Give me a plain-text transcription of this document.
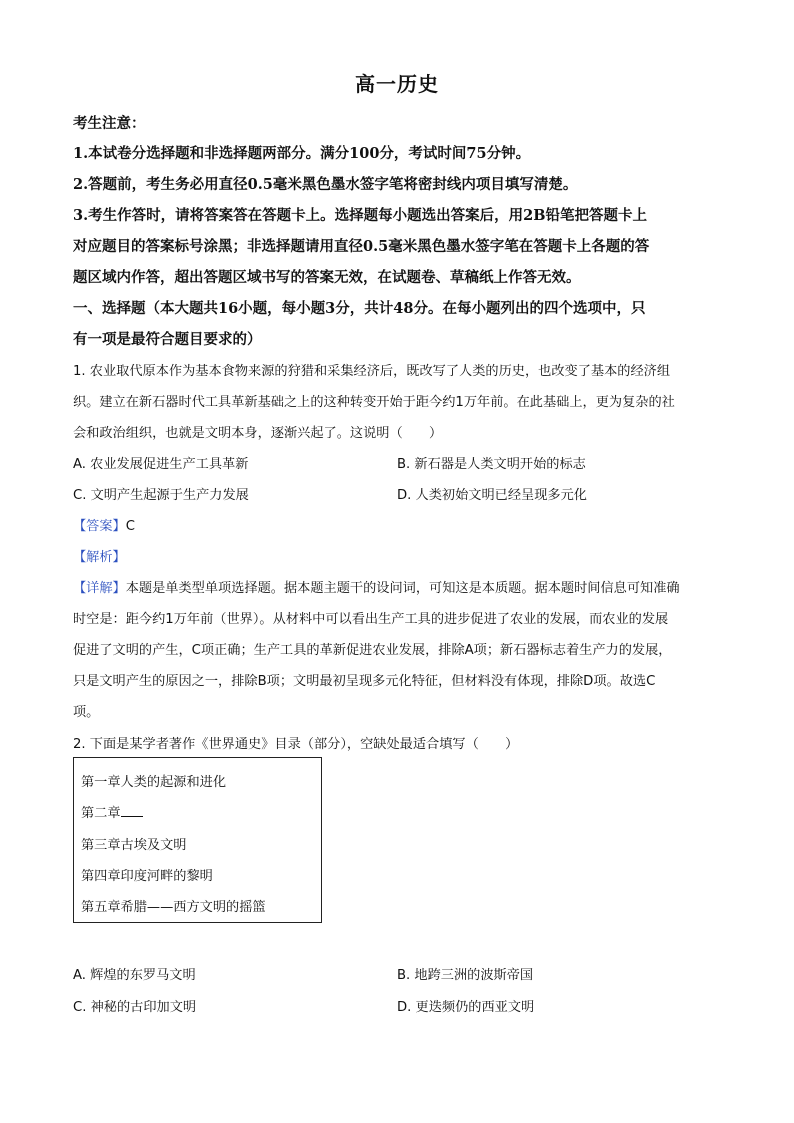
高一历史
考生注意：
1.本试卷分选择题和非选择题两部分。满分100分，考试时间75分钟。
2.答题前，考生务必用直径0.5毫米黑色墨水签字笔将密封线内项目填写清楚。
3.考生作答时，请将答案答在答题卡上。选择题每小题选出答案后，用2B铅笔把答题卡上
对应题目的答案标号涂黑；非选择题请用直径0.5毫米黑色墨水签字笔在答题卡上各题的答
题区域内作答，超出答题区域书写的答案无效，在试题卷、草稿纸上作答无效。
一、选择题（本大题共16小题，每小题3分，共计48分。在每小题列出的四个选项中，只
有一项是最符合题目要求的）
1. 农业取代原本作为基本食物来源的狩猎和采集经济后，既改写了人类的历史，也改变了基本的经济组
织。建立在新石器时代工具革新基础之上的这种转变开始于距今约1万年前。在此基础上，更为复杂的社
会和政治组织，也就是文明本身，逐渐兴起了。这说明（　　）
A. 农业发展促进生产工具革新	B. 新石器是人类文明开始的标志
C. 文明产生起源于生产力发展	D. 人类初始文明已经呈现多元化
【答案】C
【解析】
【详解】本题是单类型单项选择题。据本题主题干的设问词，可知这是本质题。据本题时间信息可知准确
时空是：距今约1万年前（世界）。从材料中可以看出生产工具的进步促进了农业的发展，而农业的发展
促进了文明的产生，C项正确；生产工具的革新促进农业发展，排除A项；新石器标志着生产力的发展，
只是文明产生的原因之一，排除B项；文明最初呈现多元化特征，但材料没有体现，排除D项。故选C
项。
2. 下面是某学者著作《世界通史》目录（部分），空缺处最适合填写（　　）
第一章人类的起源和进化
第二章
第三章古埃及文明
第四章印度河畔的黎明
第五章希腊——西方文明的摇篮
A. 辉煌的东罗马文明	B. 地跨三洲的波斯帝国
C. 神秘的古印加文明	D. 更迭频仍的西亚文明
